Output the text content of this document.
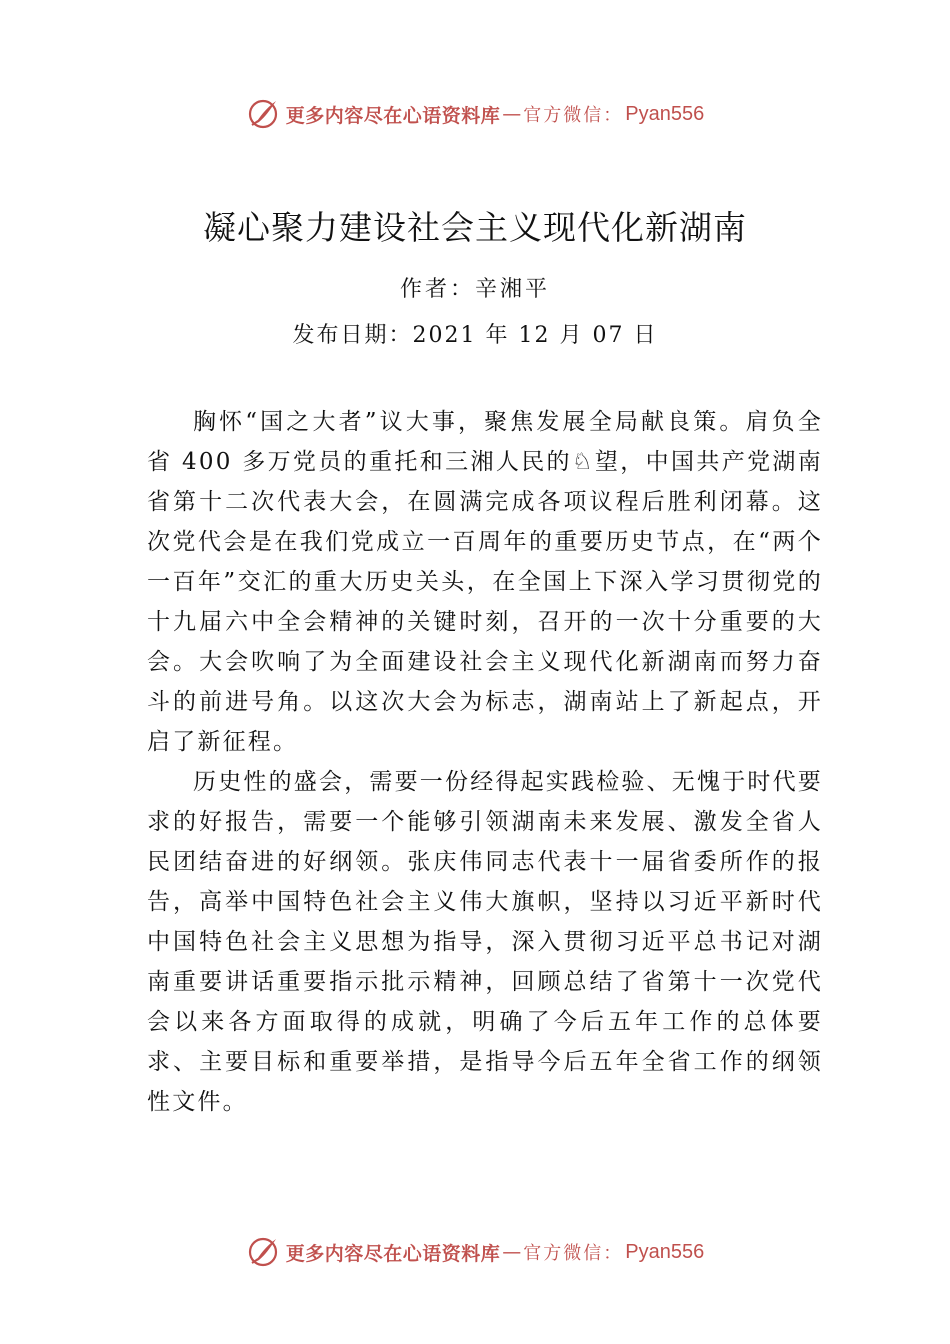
更多内容尽在心语资料库 — 官方微信： Pyan556
凝心聚力建设社会主义现代化新湖南
作者：辛湘平
发布日期：2021 年 12 月 07 日

胸怀“国之大者”议大事，聚焦发展全局献良策。肩负全省 400 多万党员的重托和三湘人民的♘望，中国共产党湖南省第十二次代表大会，在圆满完成各项议程后胜利闭幕。这次党代会是在我们党成立一百周年的重要历史节点，在“两个一百年”交汇的重大历史关头，在全国上下深入学习贯彻党的十九届六中全会精神的关键时刻，召开的一次十分重要的大会。大会吹响了为全面建设社会主义现代化新湖南而努力奋斗的前进号角。以这次大会为标志，湖南站上了新起点，开启了新征程。

历史性的盛会，需要一份经得起实践检验、无愧于时代要求的好报告，需要一个能够引领湖南未来发展、激发全省人民团结奋进的好纲领。张庆伟同志代表十一届省委所作的报告，高举中国特色社会主义伟大旗帜，坚持以习近平新时代中国特色社会主义思想为指导，深入贯彻习近平总书记对湖南重要讲话重要指示批示精神，回顾总结了省第十一次党代会以来各方面取得的成就，明确了今后五年工作的总体要求、主要目标和重要举措，是指导今后五年全省工作的纲领性文件。

更多内容尽在心语资料库 — 官方微信： Pyan556
